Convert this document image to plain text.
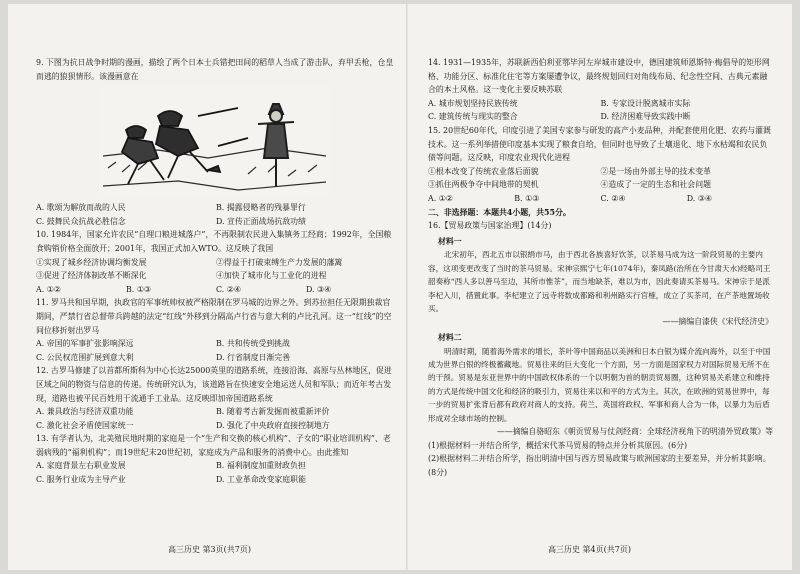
9. 下图为抗日战争时期的漫画，描绘了两个日本士兵错把田间的稻草人当成了游击队，弃甲丢枪，仓皇而逃的狼狈情形。该漫画意在

A. 歌颂为解放而战的人民	B. 揭露侵略者的残暴罪行
C. 鼓舞民众抗战必胜信念	D. 宣传正面战场抗敌功绩

10. 1984年，国家允许农民“自理口粮进城落户”，不再限制农民进入集镇务工经商；1992年，全国粮食购销价格全面放开；2001年，我国正式加入WTO。这反映了我国

①实现了城乡经济协调均衡发展	②得益于打破束缚生产力发展的藩篱
③促进了经济体制改革不断深化	④加快了城市化与工业化的进程
A. ①②	B. ①③	C. ②④	D. ③④

11. 罗马共和国早期，执政官的军事统帅权被严格限制在罗马城的边界之外。到苏拉担任无限期独裁官期间，严禁行省总督带兵跨越的法定“红线”外移到分隔高卢行省与意大利的卢比孔河。这一“红线”的空间位移折射出罗马

A. 帝国的军事扩张影响深远	B. 共和传统受到挑战
C. 公民权范围扩展到意大利	D. 行省制度日渐完善

12. 古罗马修建了以首都所斯科为中心长达25000英里的道路系统，连接沿海、高原与丛林地区，促进区域之间的物资与信息的传递。传统研究认为，该道路旨在快速安全地运送人员和军队；而近年考古发现，道路也被平民百姓用于流通手工业品。这反映即加帝国道路系统

A. 兼具政治与经济双重功能	B. 随着考古新发掘而被重新评价
C. 激化社会矛盾使国家统一	D. 强化了中央政府直接控制地方

13. 有学者认为，北美殖民地时期的家庭是一个“生产和交换的核心机构”、子女的“职业培训机构”、老弱病残的“福利机构”；而19世纪末20世纪初，家庭成为产品和服务的消费中心。由此推知

A. 家庭背景左右职业发展	B. 福利制度加重财政负担
C. 服务行业成为主导产业	D. 工业革命改变家庭职能

14. 1931—1935年，苏联新西伯利亚鄂毕河左岸城市建设中，德国建筑师恩斯特·梅倡导的矩形网格、功能分区、标准化住宅等方案屡遭争议，最终规划回归对角线布局、纪念性空间、古典元素融合的本土风格。这一变化主要反映苏联

A. 城市规划坚持民族传统	B. 专家设计脱离城市实际
C. 建筑传统与现实的整合	D. 经济困难导致实践中断

15. 20世纪60年代，印度引进了美国专家参与研发的高产小麦品种，并配套使用化肥、农药与灌溉技术。这一系列举措使印度基本实现了粮食自给，但同时也导致了土壤退化、地下水枯竭和农民负债等问题。这反映，印度农业现代化进程

①根本改变了传统农业落后面貌	②是一场由外部主导的技术变革
③抓住两极争夺中间地带的契机	④造成了一定的生态和社会问题
A. ①②	B. ①③	C. ②④	D. ③④

二、非选择题：本题共4小题，共55分。

16.【贸易政策与国家治理】(14分)

材料一

北宋初年，西北五市以银绢市马，由于西北各族喜好饮茶，以茶易马成为这一阶段贸易的主要内容，这项变更改变了当时的茶马贸易。宋神宗熙宁七年(1074年)，秦凤路(治所在今甘肃天水)经略司王韶奏称“西人多以善马至边，其所市惟茶”，而当地缺茶，难以为市，因此奏请买茶易马。宋神宗于是派李杞入川，措置此事。李杞建立了远寺将数成都路和利州路实行官榷，成立了买茶司，在产茶地置场收买。

——摘编自漆侠《宋代经济史》

材料二

明清时期，随着海外需求的增长，茶叶等中国商品以美洲和日本白银为媒介流向海外，以至于中国成为世界白银的终极蓄藏地。贸易往来的巨大变化一个方面，另一方面是国家权力对国际贸易无所不在的干预。贸易是东亚世界中的中国政权体系的一个以明朝为首的朝贡贸易圈，这种贸易关系建立和维持的方式是传统中国文化和经济的吸引力，贸易往来以和平的方式为主。其次，在欧洲的贸易世界中，每一步的贸易扩张背后都有政府对商人的支持。荷兰、英国将政权、军事和商人合为一体，以暴力为后盾形成对全球市场的控制。

——摘编自骆昭东《朝贡贸易与仗剑经商：全球经济视角下的明清外贸政策》等

(1)根据材料一并结合所学，概括宋代茶马贸易的特点并分析其原因。(6分)

(2)根据材料二并结合所学，指出明清中国与西方贸易政策与欧洲国家的主要差异，并分析其影响。(8分)

高三历史 第3页(共7页)	高三历史 第4页(共7页)
